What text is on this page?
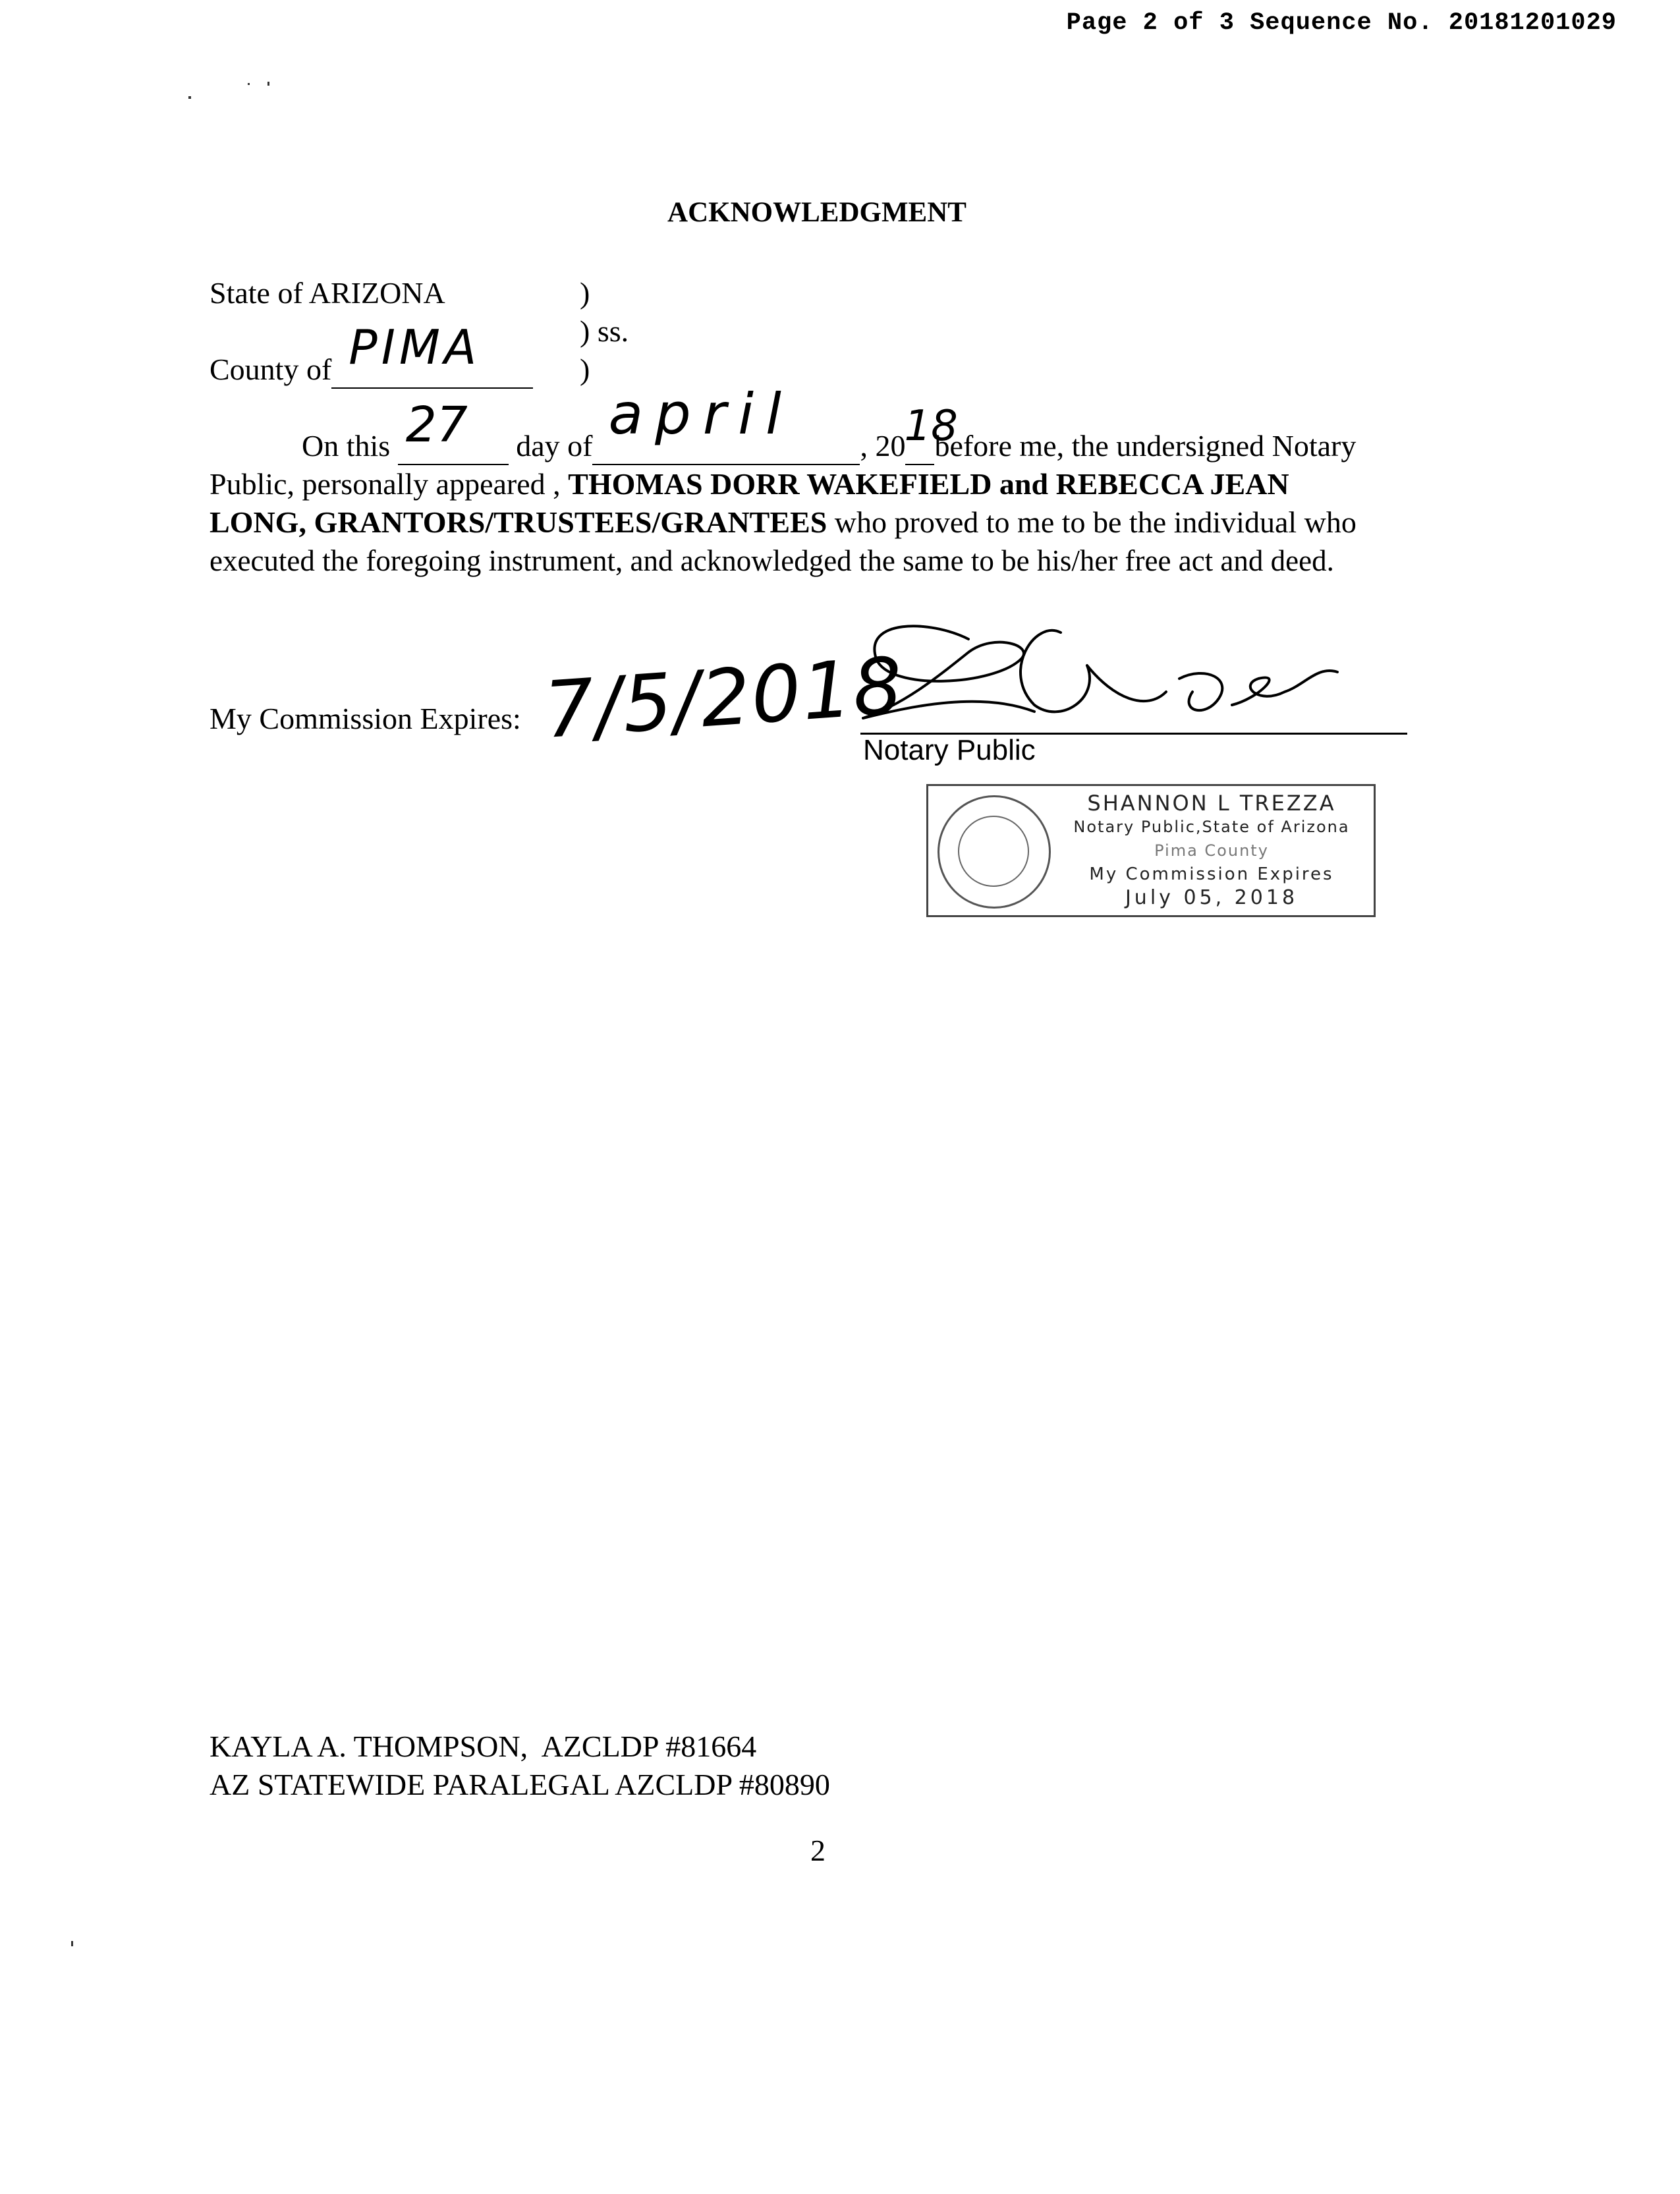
Page 2 of 3 Sequence No. 20181201029
ACKNOWLEDGMENT
State of ARIZONA	)
) ss.
)
County of PIMA

On this 27 day of april , 20
18
before me, the undersigned Notary

Public, personally appeared , THOMAS DORR WAKEFIELD and REBECCA JEAN

LONG, GRANTORS/TRUSTEES/GRANTEES who proved to me to be the individual who

executed the foregoing instrument, and acknowledged the same to be his/her free act and deed.

My Commission Expires: 7/5/2018
Notary Public
SHANNON L TREZZA
Notary Public,State of Arizona
Pima County
My Commission Expires
July 05, 2018
KAYLA A. THOMPSON,  AZCLDP #81664
AZ STATEWIDE PARALEGAL AZCLDP #80890
2
